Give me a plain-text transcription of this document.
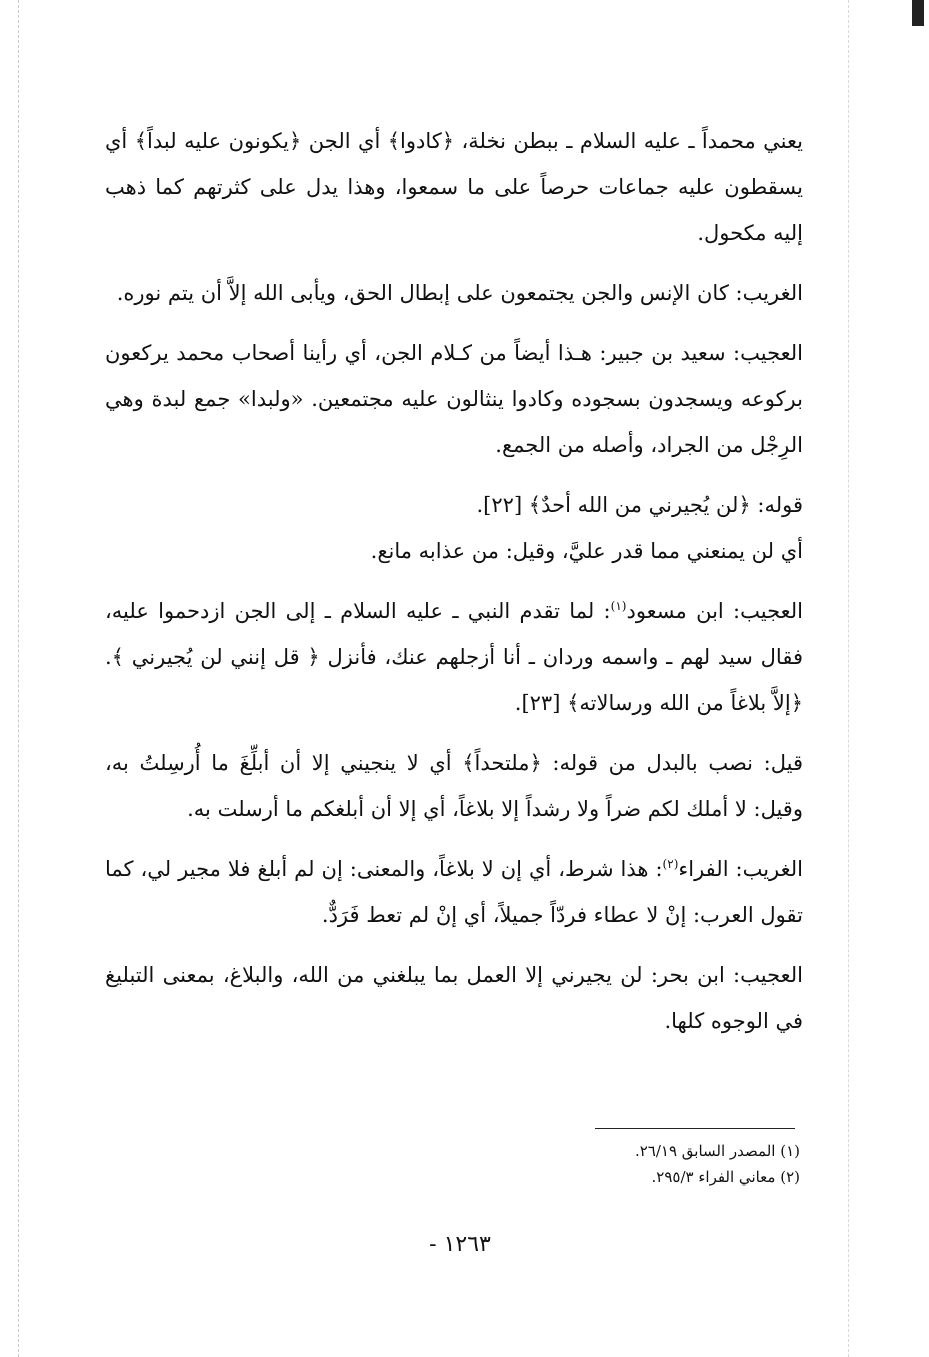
يعني محمداً ـ عليه السلام ـ ببطن نخلة، ﴿كادوا﴾ أي الجن ﴿يكونون عليه لبداً﴾ أي يسقطون عليه جماعات حرصاً على ما سمعوا، وهذا يدل على كثرتهم كما ذهب إليه مكحول.

الغريب: كان الإنس والجن يجتمعون على إبطال الحق، ويأبى الله إلاَّ أن يتم نوره.

العجيب: سعيد بن جبير: هـذا أيضاً من كـلام الجن، أي رأينا أصحاب محمد يركعون بركوعه ويسجدون بسجوده وكادوا ينثالون عليه مجتمعين. «ولبدا» جمع لبدة وهي الرِجْل من الجراد، وأصله من الجمع.

قوله: ﴿لن يُجيرني من الله أحدٌ﴾ [٢٢].

أي لن يمنعني مما قدر عليَّ، وقيل: من عذابه مانع.

العجيب: ابن مسعود$^{(١)}$: لما تقدم النبي ـ عليه السلام ـ إلى الجن ازدحموا عليه، فقال سيد لهم ـ واسمه وردان ـ أنا أزجلهم عنك، فأنزل ﴿ قل إنني لن يُجيرني ﴾. ﴿إلاَّ بلاغاً من الله ورسالاته﴾ [٢٣].

قيل: نصب بالبدل من قوله: ﴿ملتحداً﴾ أي لا ينجيني إلا أن أبلِّغَ ما أُرسِلتُ به، وقيل: لا أملك لكم ضراً ولا رشداً إلا بلاغاً، أي إلا أن أبلغكم ما أرسلت به.

الغريب: الفراء$^{(٢)}$: هذا شرط، أي إن لا بلاغاً، والمعنى: إن لم أبلغ فلا مجير لي، كما تقول العرب: إنْ لا عطاء فردّاً جميلاً، أي إنْ لم تعط فَرَدٌّ.

العجيب: ابن بحر: لن يجيرني إلا العمل بما يبلغني من الله، والبلاغ، بمعنى التبليغ في الوجوه كلها.

(١) المصدر السابق ٢٦/١٩.

(٢) معاني الفراء ٢٩٥/٣.

- ١٢٦٣
